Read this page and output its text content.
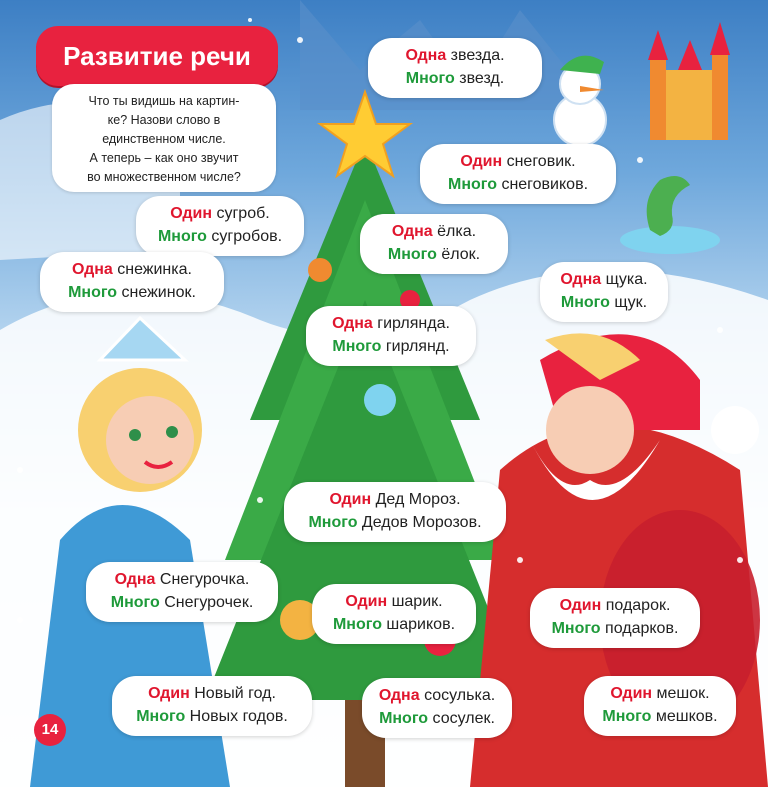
Развитие речи
Что ты видишь на картин-
ке? Назови слово в
единственном числе.
А теперь – как оно звучит
во множественном числе?
Одна звезда.
Много звезд.
Один снеговик.
Много снеговиков.
Один сугроб.
Много сугробов.	Одна ёлка.
Много ёлок.
Одна снежинка.
Много снежинок.
Одна щука.
Много щук.
Одна гирлянда.
Много гирлянд.
Один Дед Мороз.
Много Дедов Морозов.
Одна Снегурочка.
Много Снегурочек.	Один шарик.
Много шариков.
Один подарок.
Много подарков.
Один Новый год.
Много Новых годов.
Одна сосулька.
Много сосулек.
Один мешок.
Много мешков.
14
